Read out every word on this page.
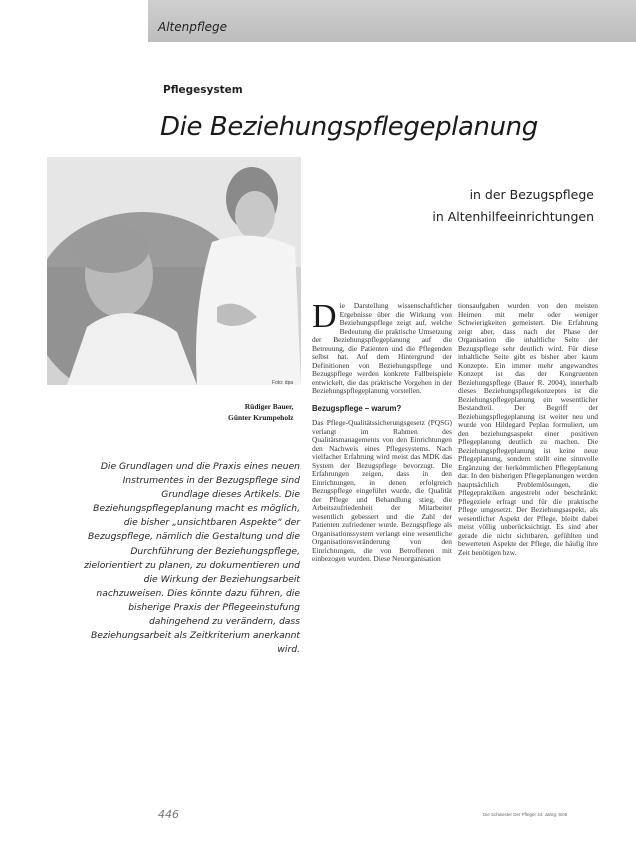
Altenpflege
Pflegesystem
Die Beziehungspflegeplanung
in der Bezugspflege
in Altenhilfeeinrichtungen
Foto: dpa
Rüdiger Bauer,
Günter Krumpeholz
Die Grundlagen und die Praxis eines neuen Instrumentes in der Bezugspflege sind Grundlage dieses Artikels. Die Beziehungspflegeplanung macht es möglich, die bisher „unsichtbaren Aspekte“ der Bezugspflege, nämlich die Gestaltung und die Durchführung der Beziehungspflege, zielorientiert zu planen, zu dokumentieren und die Wirkung der Beziehungsarbeit nachzuweisen. Dies könnte dazu führen, die bisherige Praxis der Pflegeeinstufung dahingehend zu verändern, dass Beziehungsarbeit als Zeitkriterium anerkannt wird.

Die Darstellung wissenschaftlicher Ergebnisse über die Wirkung von Beziehungspflege zeigt auf, welche Bedeutung die praktische Umsetzung der Beziehungspflegeplanung auf die Betreuung, die Patienten und die Pflegenden selbst hat. Auf dem Hintergrund der Definitionen von Beziehungspflege und Bezugspflege werden konkrete Fallbeispiele entwickelt, die das praktische Vorgehen in der Beziehungspflegeplanung vorstellen.

Bezugspflege – warum?

Das Pflege-Qualitätssicherungsgesetz (PQSG) verlangt im Rahmen des Qualitätsmanagements von den Einrichtungen den Nachweis eines Pflegesystems. Nach vielfacher Erfahrung wird meist das MDK das System der Bezugspflege bevorzugt. Die Erfahrungen zeigen, dass in den Einrichtungen, in denen erfolgreich Bezugspflege eingeführt wurde, die Qualität der Pflege und Behandlung stieg, die Arbeitszufriedenheit der Mitarbeiter wesentlich gebessert und die Zahl der Patienten zufriedener wurde. Bezugspflege als Organisationssystem verlangt eine wesentliche Organisationsveränderung von den Einrichtungen, die von Betroffenen mit einbezogen wurden. Diese Neuorganisation

tionsaufgaben wurden von den meisten Heimen mit mehr oder weniger Schwierigkeiten gemeistert. Die Erfahrung zeigt aber, dass nach der Phase der Organisation die inhaltliche Seite der Bezugspflege sehr deutlich wird. Für diese inhaltliche Seite gibt es bisher aber kaum Konzepte. Ein immer mehr angewandtes Konzept ist das der Kongruenten Beziehungspflege (Bauer R. 2004), innerhalb dieses Beziehungspflegekonzeptes ist die Beziehungspflegeplanung ein wesentlicher Bestandteil. Der Begriff der Beziehungspflegeplanung ist weiter neu und wurde von Hildegard Peplau formuliert, um den beziehungsaspekt einer positiven Pflegeplanung deutlich zu machen. Die Beziehungspflegeplanung ist keine neue Pflegeplanung, sondern stellt eine sinnvolle Ergänzung der herkömmlichen Pflegeplanung dar. In den bisherigen Pflegeplanungen werden hauptsächlich Problemlösungen, die Pflegepraktiken angestrebt oder beschränkt. Pflegeziele erfragt und für die praktische Pflege umgesetzt. Der Beziehungsaspekt, als wesentlicher Aspekt der Pflege, bleibt dabei meist völlig unberücksichtigt. Es sind aber gerade die nicht sichtbaren, gefühlten und bewerteten Aspekte der Pflege, die häufig ihre Zeit benötigen bzw.

446	Die Schwester Der Pfleger 44. Jahrg. 6/05
